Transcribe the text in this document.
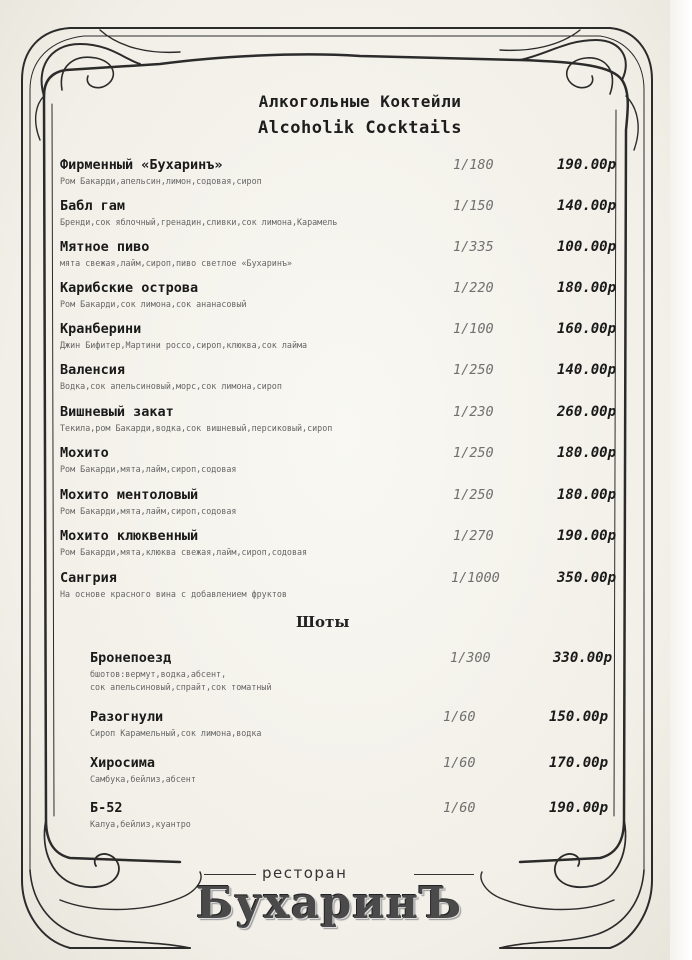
Алкогольные Коктейли
Alcoholik Cocktails
Фирменный «Бухаринъ»
Ром Бакарди,апельсин,лимон,содовая,сироп
1/180	190.00р
Бабл гам
Бренди,сок яблочный,гренадин,сливки,сок лимона,Карамель
1/150	140.00р
Мятное пиво
мята свежая,лайм,сироп,пиво светлое «Бухаринъ»
1/335	100.00р
Карибские острова
Ром Бакарди,сок лимона,сок ананасовый
1/220	180.00р
Кранберини
Джин Бифитер,Мартини россо,сироп,клюква,сок лайма
1/100	160.00р
Валенсия
Водка,сок апельсиновый,морс,сок лимона,сироп
1/250	140.00р
Вишневый закат
Текила,ром Бакарди,водка,сок вишневый,персиковый,сироп
1/230	260.00р
Мохито
Ром Бакарди,мята,лайм,сироп,содовая
1/250	180.00р
Мохито ментоловый
Ром Бакарди,мята,лайм,сироп,содовая
1/250	180.00р
Мохито клюквенный
Ром Бакарди,мята,клюква свежая,лайм,сироп,содовая
1/270	190.00р
Сангрия
На основе красного вина с добавлением фруктов
1/1000	350.00р
Шоты
Бронепоезд
бшотов:вермут,водка,абсент,
сок апельсиновый,спрайт,сок томатный
1/300	330.00р
Разогнули
Сироп Карамельный,сок лимона,водка
1/60	150.00р
Хиросима
Самбука,бейлиз,абсент
1/60	170.00р
Б-52
Калуа,бейлиз,куантро
1/60	190.00р
ресторан
БухаринЪ
